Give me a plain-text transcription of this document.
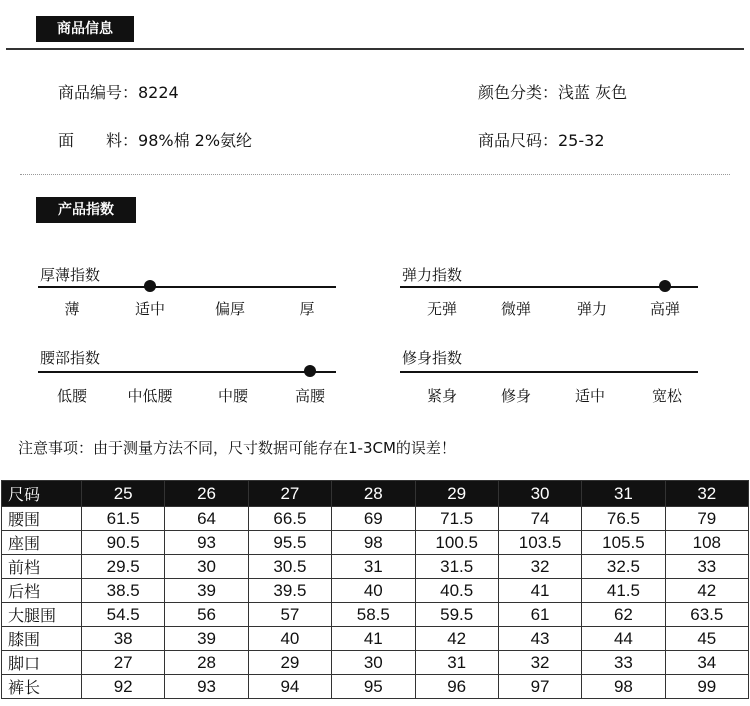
商品信息
商品编号：8224	颜色分类：浅蓝 灰色
面　　料：98%棉 2%氨纶	商品尺码：25-32
产品指数
厚薄指数
薄	适中	偏厚	厚
弹力指数
无弹	微弹	弹力	高弹
腰部指数
低腰	中低腰	中腰	高腰
修身指数
紧身	修身	适中	宽松
注意事项：由于测量方法不同，尺寸数据可能存在1-3CM的误差！
尺码	25	26	27	28	29	30	31	32
腰围	61.5	64	66.5	69	71.5	74	76.5	79
座围	90.5	93	95.5	98	100.5	103.5	105.5	108
前档	29.5	30	30.5	31	31.5	32	32.5	33
后档	38.5	39	39.5	40	40.5	41	41.5	42
大腿围	54.5	56	57	58.5	59.5	61	62	63.5
膝围	38	39	40	41	42	43	44	45
脚口	27	28	29	30	31	32	33	34
裤长	92	93	94	95	96	97	98	99
